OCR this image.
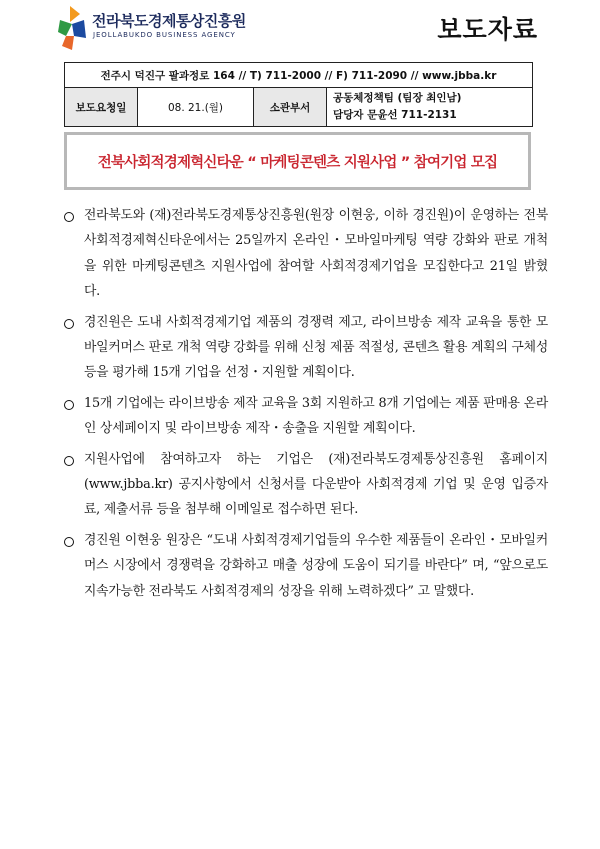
전라북도경제통상진흥원
JEOLLABUKDO BUSINESS AGENCY	보도자료
전주시 덕진구 팔과정로 164 // T) 711-2000 // F) 711-2090 // www.jbba.kr
보도요청일	08. 21.(월)	소관부서	
공동체정책팀 (팀장 최인남)
담당자 문윤선 711-2131
전북사회적경제혁신타운 “ 마케팅콘텐츠 지원사업 ” 참여기업 모집
전라북도와 (재)전라북도경제통상진흥원(원장 이현웅, 이하 경진원)이 운영하는 전북사회적경제혁신타운에서는 25일까지 온라인・모바일마케팅 역량 강화와 판로 개척을 위한 마케팅콘텐츠 지원사업에 참여할 사회적경제기업을 모집한다고 21일 밝혔다.
경진원은 도내 사회적경제기업 제품의 경쟁력 제고, 라이브방송 제작 교육을 통한 모바일커머스 판로 개척 역량 강화를 위해 신청 제품 적절성, 콘텐츠 활용 계획의 구체성 등을 평가해 15개 기업을 선정・지원할 계획이다.
15개 기업에는 라이브방송 제작 교육을 3회 지원하고 8개 기업에는 제품 판매용 온라인 상세페이지 및 라이브방송 제작・송출을 지원할 계획이다.
지원사업에 참여하고자 하는 기업은 (재)전라북도경제통상진흥원 홈페이지(www.jbba.kr) 공지사항에서 신청서를 다운받아 사회적경제 기업 및 운영 입증자료, 제출서류 등을 첨부해 이메일로 접수하면 된다.
경진원 이현웅 원장은 “도내 사회적경제기업들의 우수한 제품들이 온라인・모바일커머스 시장에서 경쟁력을 강화하고 매출 성장에 도움이 되기를 바란다” 며, “앞으로도 지속가능한 전라북도 사회적경제의 성장을 위해 노력하겠다” 고 말했다.
